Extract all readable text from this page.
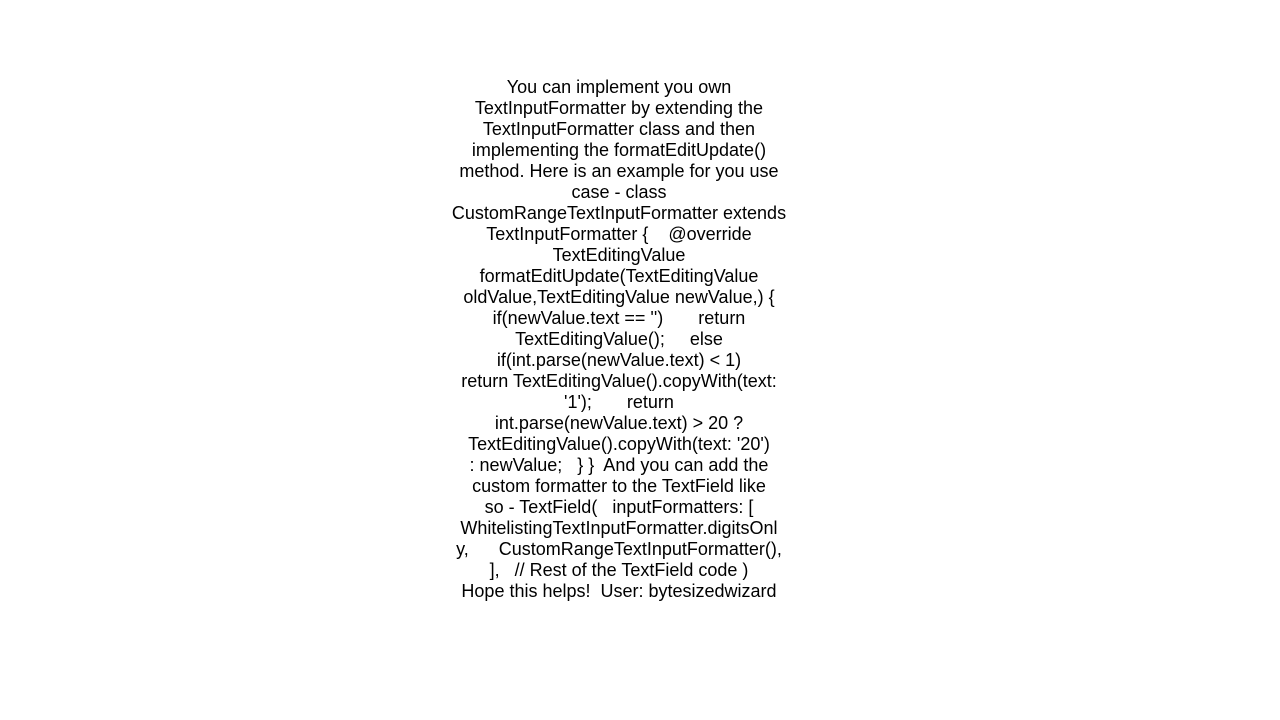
You can implement you own
TextInputFormatter by extending the
TextInputFormatter class and then
implementing the formatEditUpdate()
method. Here is an example for you use
case - class
CustomRangeTextInputFormatter extends
TextInputFormatter {    @override
TextEditingValue
formatEditUpdate(TextEditingValue
oldValue,TextEditingValue newValue,) {
if(newValue.text == '')       return
TextEditingValue();     else
if(int.parse(newValue.text) < 1)
return TextEditingValue().copyWith(text:
'1');       return
int.parse(newValue.text) > 20 ?
TextEditingValue().copyWith(text: '20')
: newValue;   } }  And you can add the
custom formatter to the TextField like
so - TextField(   inputFormatters: [
WhitelistingTextInputFormatter.digitsOnl
y,      CustomRangeTextInputFormatter(),
],   // Rest of the TextField code )
Hope this helps!  User: bytesizedwizard
